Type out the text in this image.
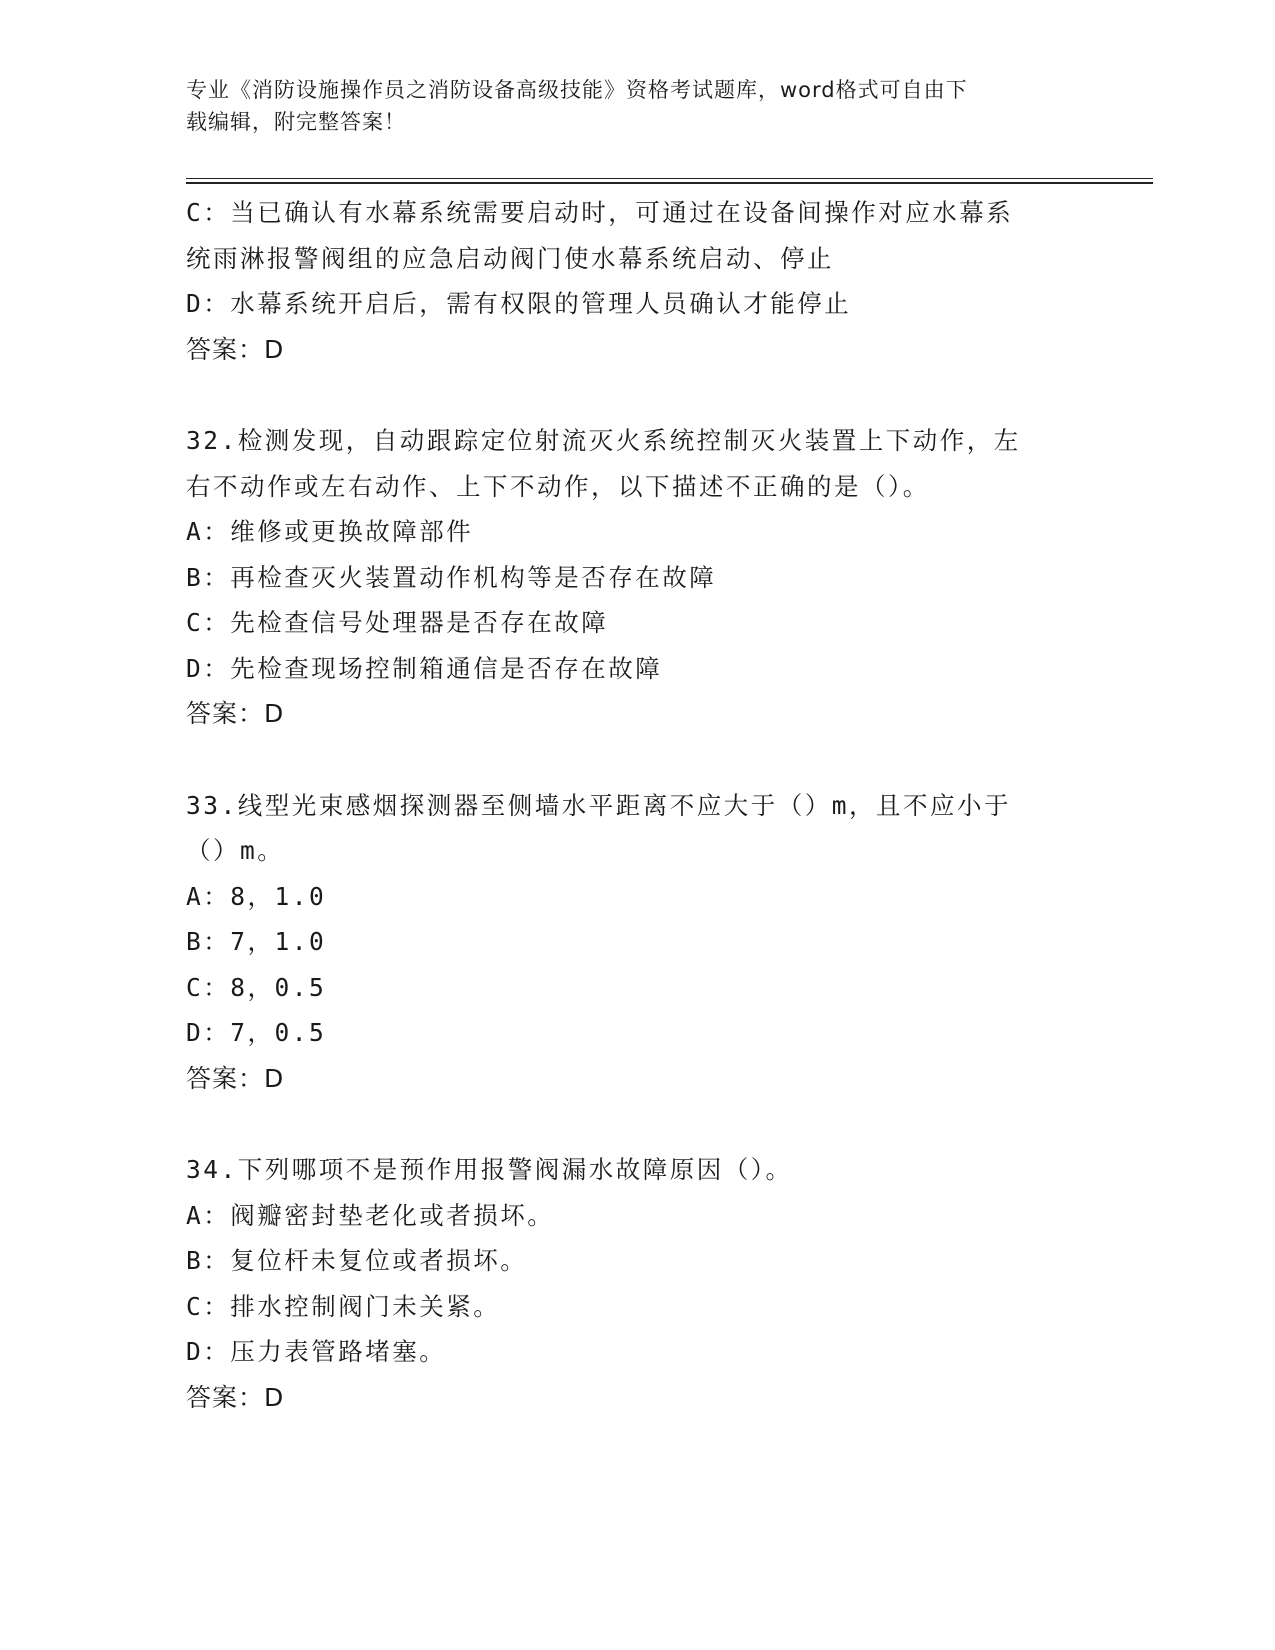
专业《消防设施操作员之消防设备高级技能》资格考试题库，word格式可自由下
载编辑，附完整答案！
C：当已确认有水幕系统需要启动时，可通过在设备间操作对应水幕系
统雨淋报警阀组的应急启动阀门使水幕系统启动、停止
D：水幕系统开启后，需有权限的管理人员确认才能停止
答案：D
32.检测发现，自动跟踪定位射流灭火系统控制灭火装置上下动作，左
右不动作或左右动作、上下不动作，以下描述不正确的是（）。
A：维修或更换故障部件
B：再检查灭火装置动作机构等是否存在故障
C：先检查信号处理器是否存在故障
D：先检查现场控制箱通信是否存在故障
答案：D
33.线型光束感烟探测器至侧墙水平距离不应大于（）m，且不应小于
（）m。
A：8，1.0
B：7，1.0
C：8，0.5
D：7，0.5
答案：D
34.下列哪项不是预作用报警阀漏水故障原因（）。
A：阀瓣密封垫老化或者损坏。
B：复位杆未复位或者损坏。
C：排水控制阀门未关紧。
D：压力表管路堵塞。
答案：D
